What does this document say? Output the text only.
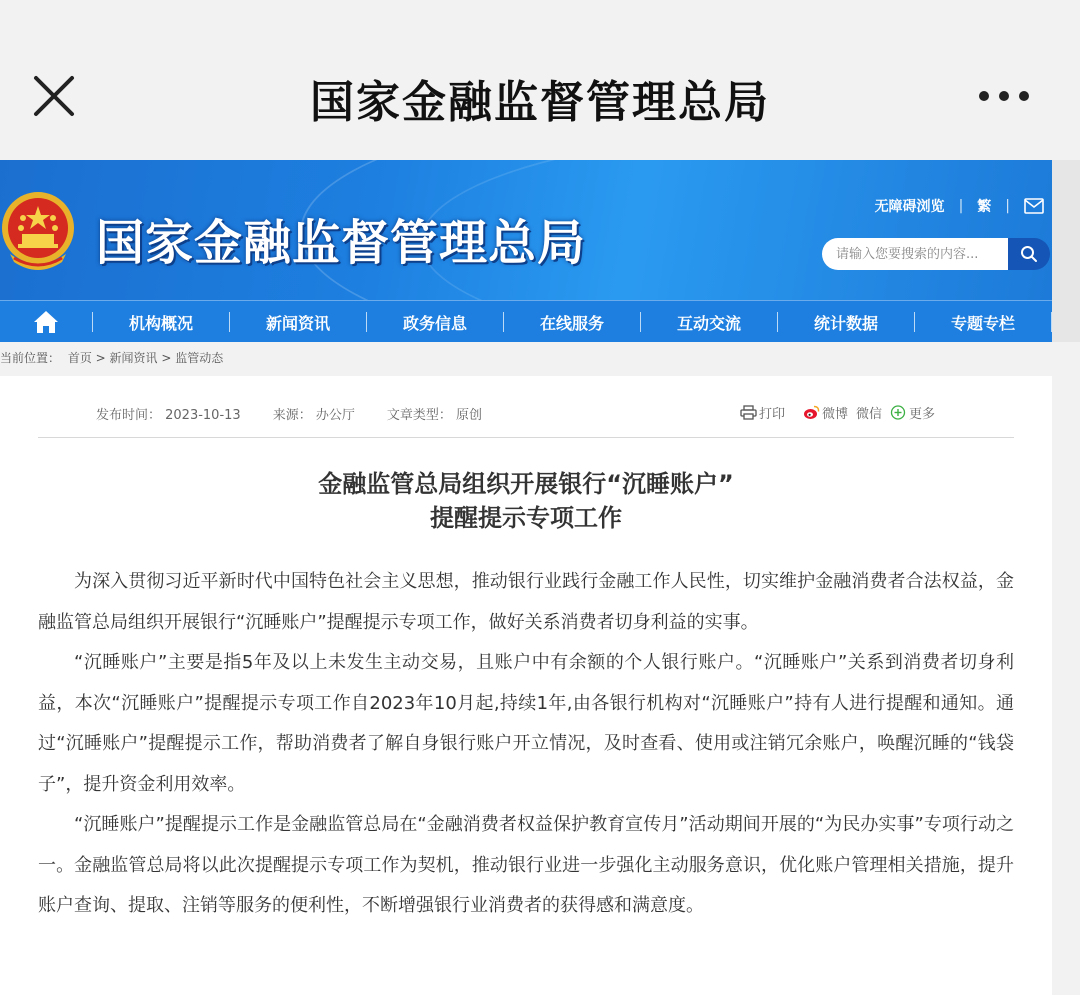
国家金融监督管理总局
国家金融监督管理总局
无障碍浏览 | 繁 |
请输入您要搜索的内容...
机构概况	新闻资讯	政务信息	在线服务	互动交流	统计数据	专题专栏
当前位置： 首页 > 新闻资讯 > 监管动态
发布时间： 2023-10-13 来源： 办公厅 文章类型： 原创	打印	微博 微信 更多
金融监管总局组织开展银行“沉睡账户”
提醒提示专项工作

为深入贯彻习近平新时代中国特色社会主义思想，推动银行业践行金融工作人民性，切实维护金融消费者合法权益，金融监管总局组织开展银行“沉睡账户”提醒提示专项工作，做好关系消费者切身利益的实事。

“沉睡账户”主要是指5年及以上未发生主动交易，且账户中有余额的个人银行账户。“沉睡账户”关系到消费者切身利益，本次“沉睡账户”提醒提示专项工作自2023年10月起,持续1年,由各银行机构对“沉睡账户”持有人进行提醒和通知。通过“沉睡账户”提醒提示工作，帮助消费者了解自身银行账户开立情况，及时查看、使用或注销冗余账户，唤醒沉睡的“钱袋子”，提升资金利用效率。

“沉睡账户”提醒提示工作是金融监管总局在“金融消费者权益保护教育宣传月”活动期间开展的“为民办实事”专项行动之一。金融监管总局将以此次提醒提示专项工作为契机，推动银行业进一步强化主动服务意识，优化账户管理相关措施，提升账户查询、提取、注销等服务的便利性，不断增强银行业消费者的获得感和满意度。
